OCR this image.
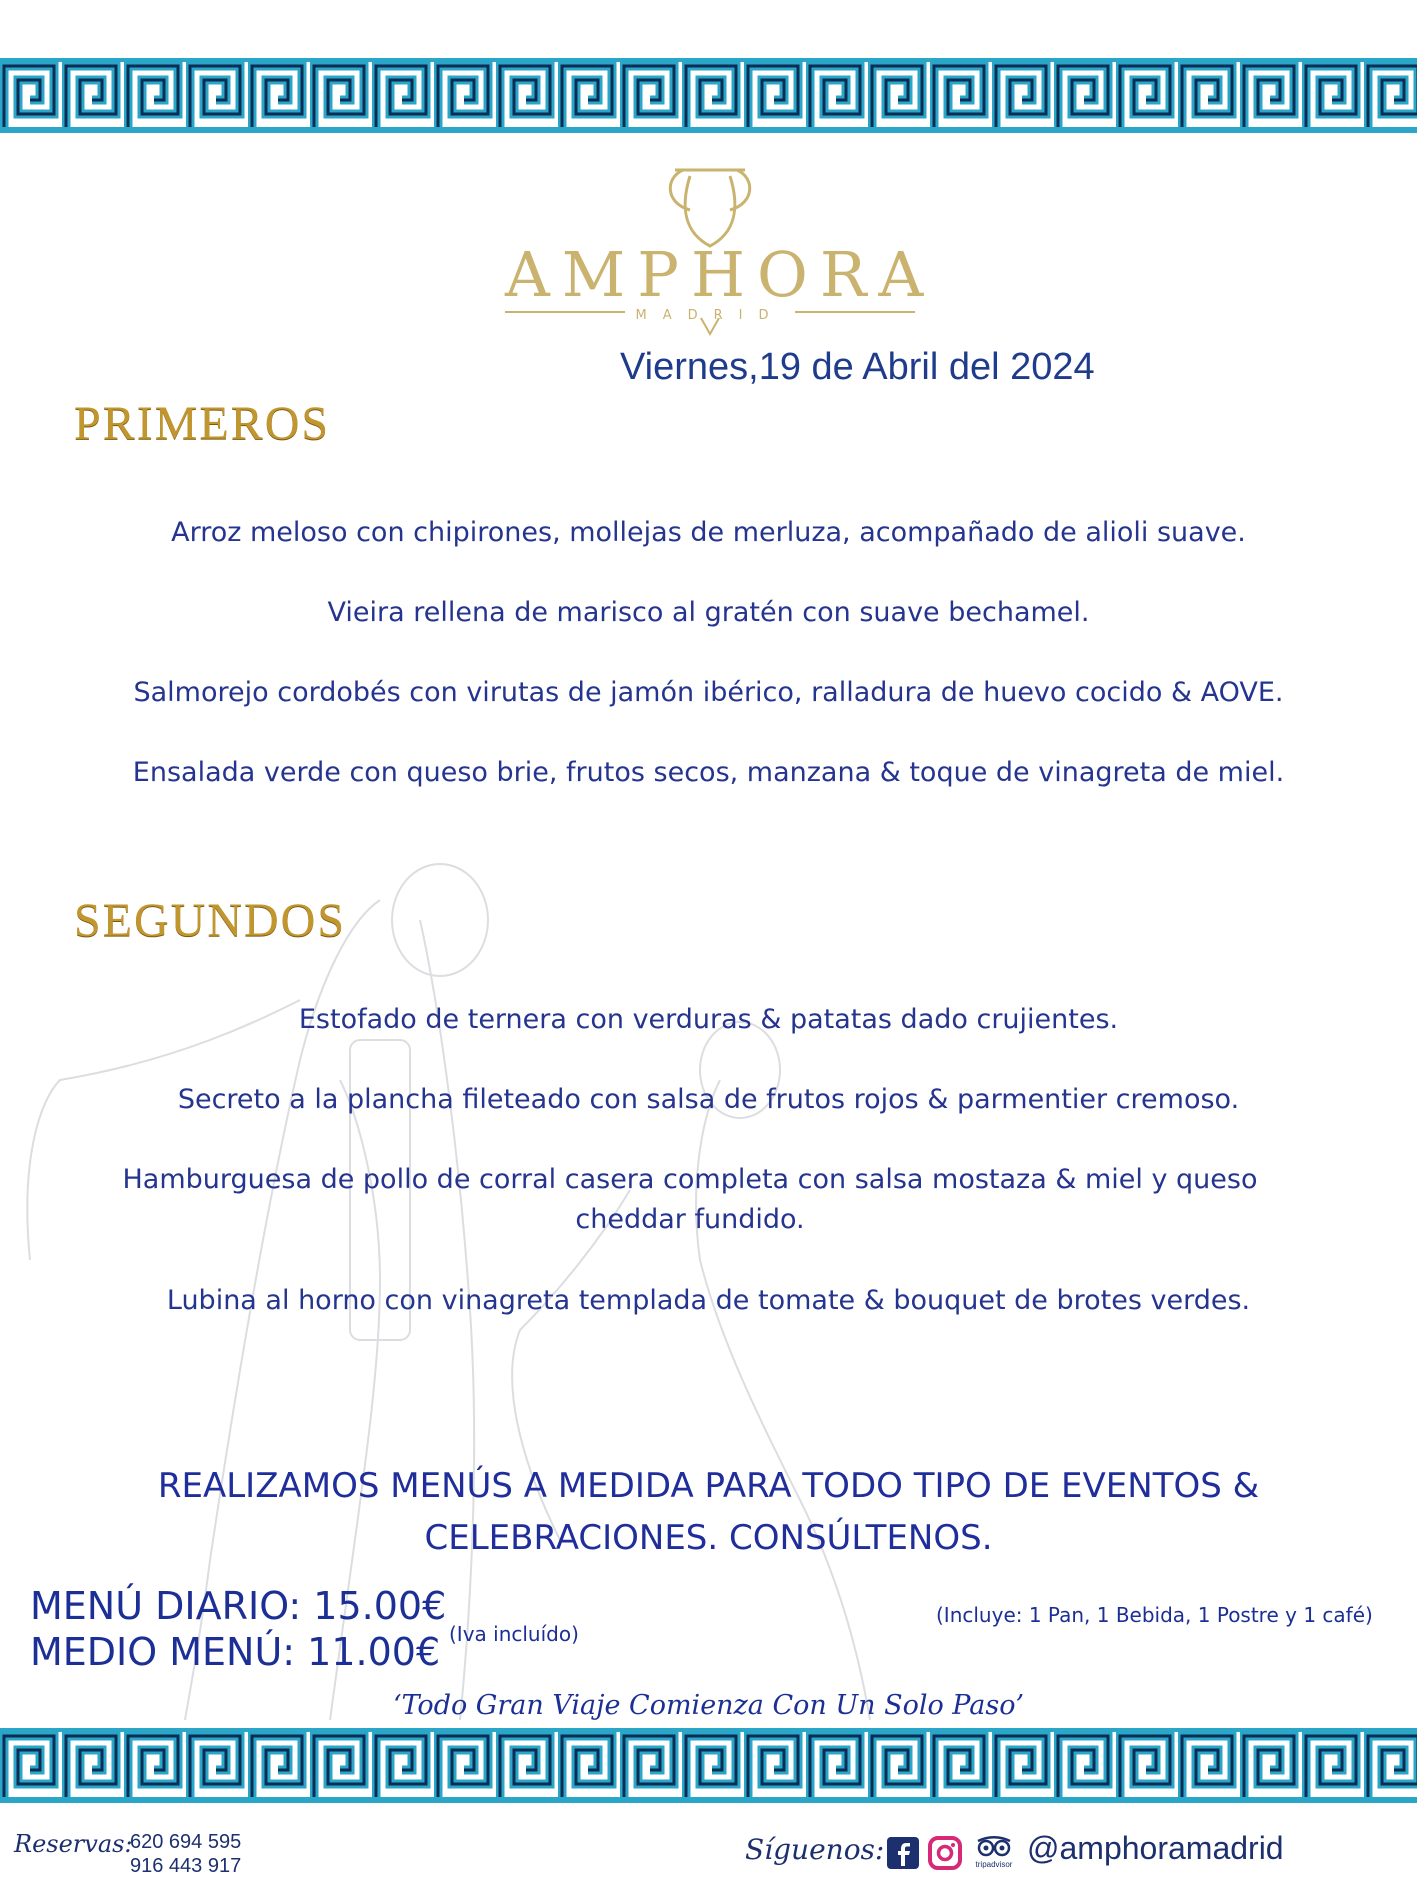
AMPHORA
MADRID
Viernes,19 de Abril del 2024
PRIMEROS
Arroz meloso con chipirones, mollejas de merluza, acompañado de alioli suave.
Vieira rellena de marisco al gratén con suave bechamel.
Salmorejo cordobés con virutas de jamón ibérico, ralladura de huevo cocido & AOVE.
Ensalada verde con queso brie, frutos secos, manzana & toque de vinagreta de miel.
SEGUNDOS
Estofado de ternera con verduras & patatas dado crujientes.
Secreto a la plancha fileteado con salsa de frutos rojos & parmentier cremoso.
Hamburguesa de pollo de corral casera completa con salsa mostaza & miel y queso cheddar fundido.
Lubina al horno con vinagreta templada de tomate & bouquet de brotes verdes.
REALIZAMOS MENÚS A MEDIDA PARA TODO TIPO DE EVENTOS &
CELEBRACIONES. CONSÚLTENOS.
MENÚ DIARIO: 15.00€
MEDIO MENÚ: 11.00€ (Iva incluído)
(Incluye: 1 Pan, 1 Bebida, 1 Postre y 1 café)
‘Todo Gran Viaje Comienza Con Un Solo Paso’
Reservas:
620 694 595
916 443 917	Síguenos:	tripadvisor @amphoramadrid
